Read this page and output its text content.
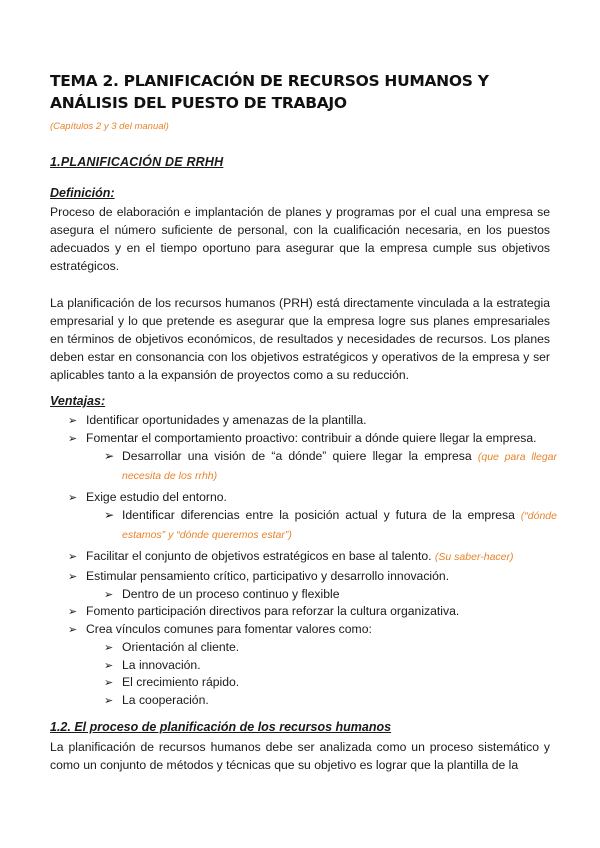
TEMA 2. PLANIFICACIÓN DE RECURSOS HUMANOS Y ANÁLISIS DEL PUESTO DE TRABAJO
(Capítulos 2 y 3 del manual)
1.PLANIFICACIÓN DE RRHH
Definición:
Proceso de elaboración e implantación de planes y programas por el cual una empresa se asegura el número suficiente de personal, con la cualificación necesaria, en los puestos adecuados y en el tiempo oportuno para asegurar que la empresa cumple sus objetivos estratégicos.
La planificación de los recursos humanos (PRH) está directamente vinculada a la estrategia empresarial y lo que pretende es asegurar que la empresa logre sus planes empresariales en términos de objetivos económicos, de resultados y necesidades de recursos. Los planes deben estar en consonancia con los objetivos estratégicos y operativos de la empresa y ser aplicables tanto a la expansión de proyectos como a su reducción.
Ventajas:
➢ Identificar oportunidades y amenazas de la plantilla.
➢ Fomentar el comportamiento proactivo: contribuir a dónde quiere llegar la empresa.
➢ Desarrollar una visión de “a dónde” quiere llegar la empresa (que para llegar necesita de los rrhh)
➢ Exige estudio del entorno.
➢ Identificar diferencias entre la posición actual y futura de la empresa (“dónde estamos” y “dónde queremos estar”)
➢ Facilitar el conjunto de objetivos estratégicos en base al talento. (Su saber-hacer)
➢ Estimular pensamiento crítico, participativo y desarrollo innovación.
➢ Dentro de un proceso continuo y flexible
➢ Fomento participación directivos para reforzar la cultura organizativa.
➢ Crea vínculos comunes para fomentar valores como:
➢ Orientación al cliente.
➢ La innovación.
➢ El crecimiento rápido.
➢ La cooperación.
1.2. El proceso de planificación de los recursos humanos
La planificación de recursos humanos debe ser analizada como un proceso sistemático y como un conjunto de métodos y técnicas que su objetivo es lograr que la plantilla de la
